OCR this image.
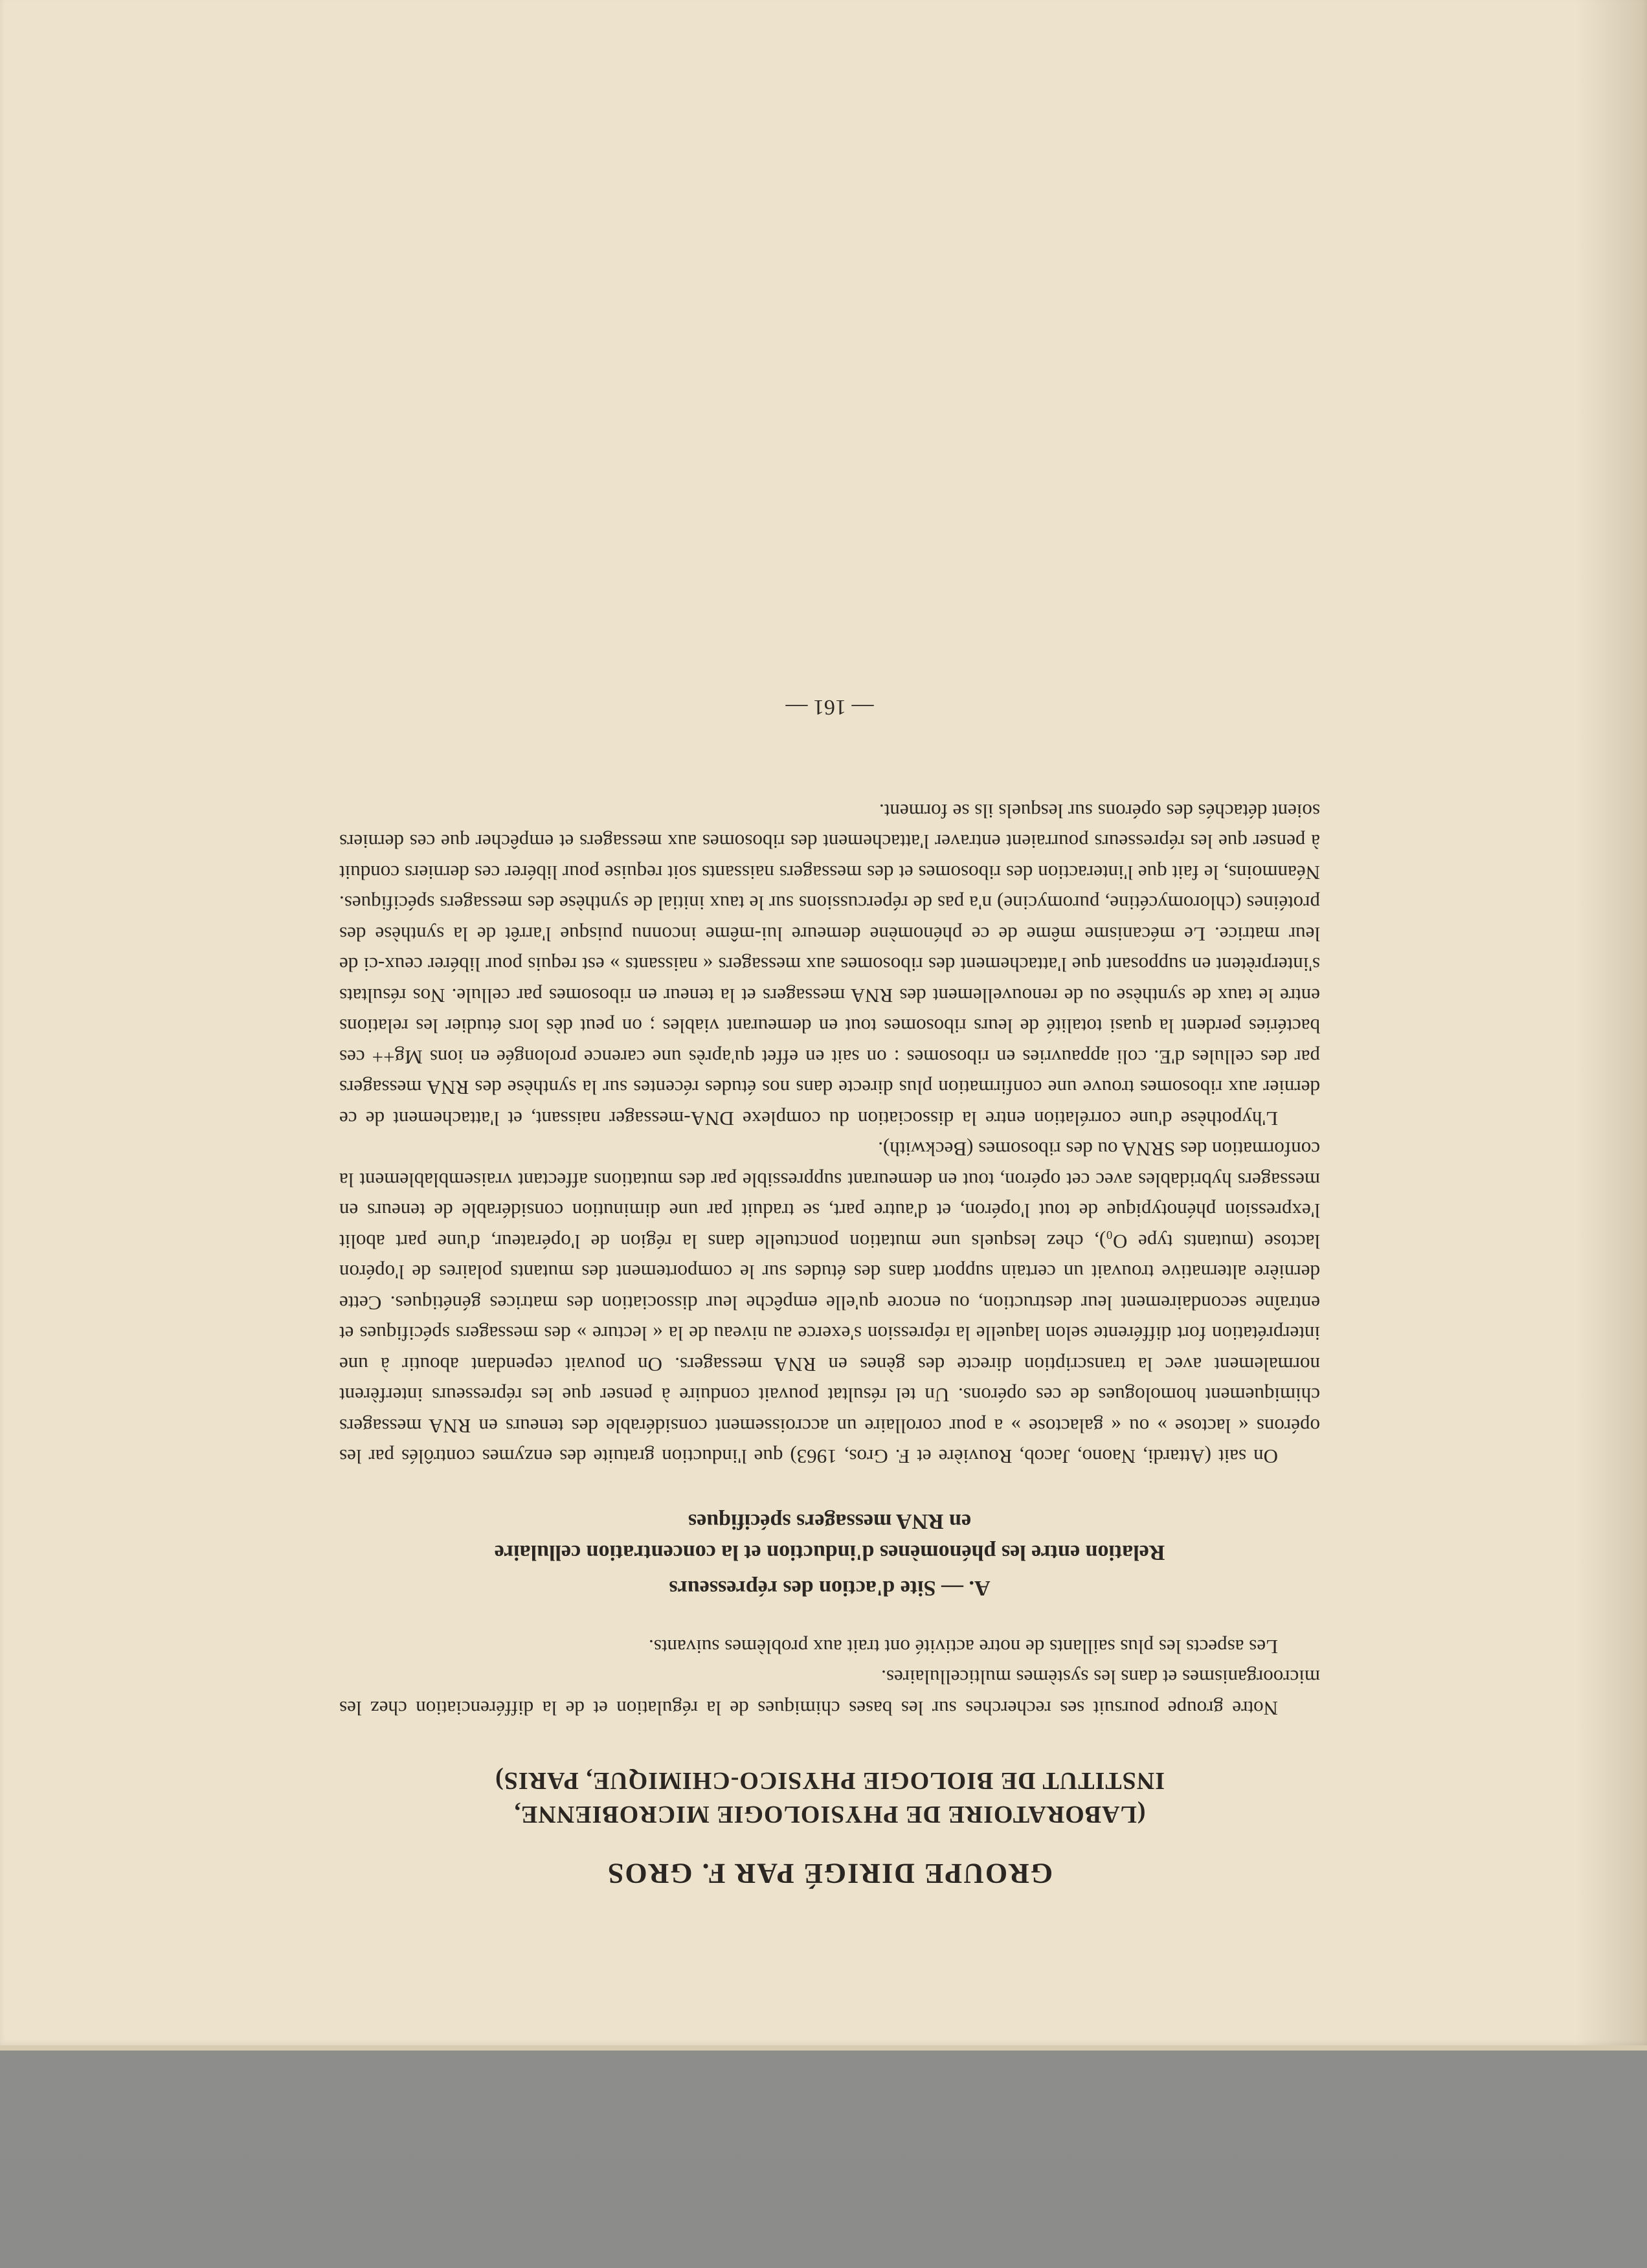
GROUPE DIRIGÉ PAR F. GROS

(LABORATOIRE DE PHYSIOLOGIE MICROBIENNE,

INSTITUT DE BIOLOGIE PHYSICO-CHIMIQUE, PARIS)

Notre groupe poursuit ses recherches sur les bases chimiques de la régulation et de la différenciation chez les microorganismes et dans les systèmes multicellulaires.

Les aspects les plus saillants de notre activité ont trait aux problèmes suivants.

A. — Site d'action des répresseurs

Relation entre les phénomènes d'induction et la concentration cellulaire

en RNA messagers spécifiques

On sait (Attardi, Naono, Jacob, Rouvière et F. Gros, 1963) que l'induction gratuite des enzymes contrôlés par les opérons « lactose » ou « galactose » a pour corollaire un accroissement considérable des teneurs en RNA messagers chimiquement homologues de ces opérons. Un tel résultat pouvait conduire à penser que les répresseurs interfèrent normalement avec la transcription directe des gènes en RNA messagers. On pouvait cependant aboutir à une interprétation fort différente selon laquelle la répression s'exerce au niveau de la « lecture » des messagers spécifiques et entraîne secondairement leur destruction, ou encore qu'elle empêche leur dissociation des matrices génétiques. Cette dernière alternative trouvait un certain support dans des études sur le comportement des mutants polaires de l'opéron lactose (mutants type O₀), chez lesquels une mutation ponctuelle dans la région de l'opérateur, d'une part abolit l'expression phénotypique de tout l'opéron, et d'autre part, se traduit par une diminution considérable de teneurs en messagers hybridables avec cet opéron, tout en demeurant suppressible par des mutations affectant vraisemblablement la conformation des SRNA ou des ribosomes (Beckwith).

L'hypothèse d'une corrélation entre la dissociation du complexe DNA-messager naissant, et l'attachement de ce dernier aux ribosomes trouve une confirmation plus directe dans nos études récentes sur la synthèse des RNA messagers par des cellules d'E. coli appauvries en ribosomes : on sait en effet qu'après une carence prolongée en ions Mg++ ces bactéries perdent la quasi totalité de leurs ribosomes tout en demeurant viables ; on peut dès lors étudier les relations entre le taux de synthèse ou de renouvellement des RNA messagers et la teneur en ribosomes par cellule. Nos résultats s'interprètent en supposant que l'attachement des ribosomes aux messagers « naissants » est requis pour libérer ceux-ci de leur matrice. Le mécanisme même de ce phénomène demeure lui-même inconnu puisque l'arrêt de la synthèse des protéines (chloromycétine, puromycine) n'a pas de répercussions sur le taux initial de synthèse des messagers spécifiques. Néanmoins, le fait que l'interaction des ribosomes et des messagers naissants soit requise pour libérer ces derniers conduit à penser que les répresseurs pourraient entraver l'attachement des ribosomes aux messagers et empêcher que ces derniers soient détachés des opérons sur lesquels ils se forment.

— 161 —
